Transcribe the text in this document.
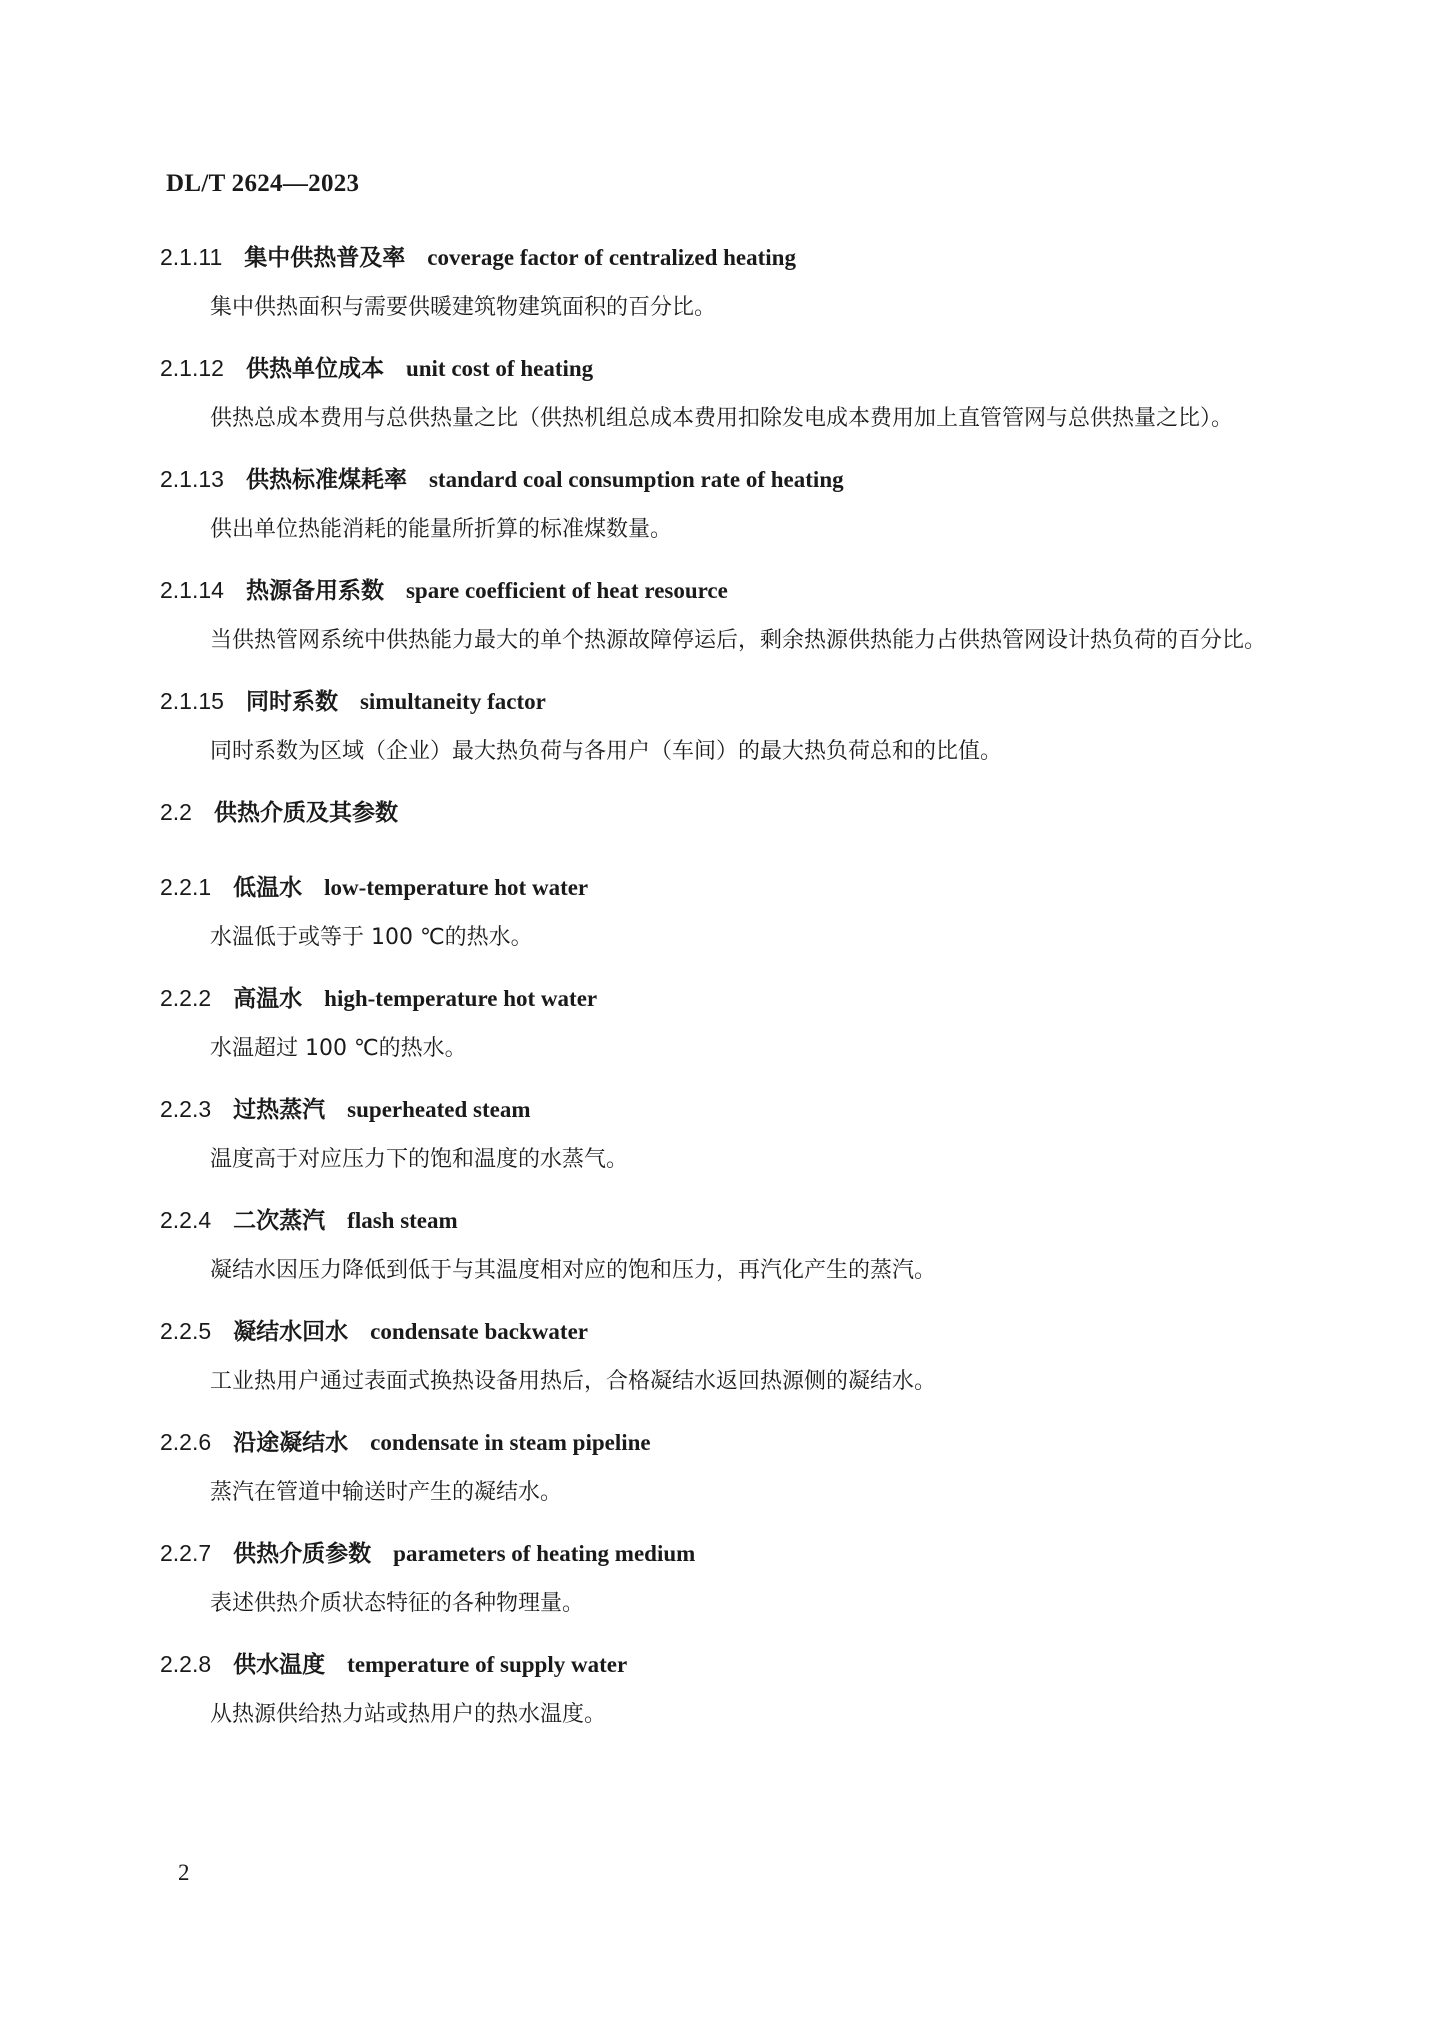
DL/T 2624—2023

2.1.11 集中供热普及率 coverage factor of centralized heating

集中供热面积与需要供暖建筑物建筑面积的百分比。

2.1.12 供热单位成本 unit cost of heating

供热总成本费用与总供热量之比（供热机组总成本费用扣除发电成本费用加上直管管网与总供热量之比）。

2.1.13 供热标准煤耗率 standard coal consumption rate of heating

供出单位热能消耗的能量所折算的标准煤数量。

2.1.14 热源备用系数 spare coefficient of heat resource

当供热管网系统中供热能力最大的单个热源故障停运后，剩余热源供热能力占供热管网设计热负荷的百分比。

2.1.15 同时系数 simultaneity factor

同时系数为区域（企业）最大热负荷与各用户（车间）的最大热负荷总和的比值。

2.2 供热介质及其参数

2.2.1 低温水 low-temperature hot water

水温低于或等于 100 ℃的热水。

2.2.2 高温水 high-temperature hot water

水温超过 100 ℃的热水。

2.2.3 过热蒸汽 superheated steam

温度高于对应压力下的饱和温度的水蒸气。

2.2.4 二次蒸汽 flash steam

凝结水因压力降低到低于与其温度相对应的饱和压力，再汽化产生的蒸汽。

2.2.5 凝结水回水 condensate backwater

工业热用户通过表面式换热设备用热后，合格凝结水返回热源侧的凝结水。

2.2.6 沿途凝结水 condensate in steam pipeline

蒸汽在管道中输送时产生的凝结水。

2.2.7 供热介质参数 parameters of heating medium

表述供热介质状态特征的各种物理量。

2.2.8 供水温度 temperature of supply water

从热源供给热力站或热用户的热水温度。

2
